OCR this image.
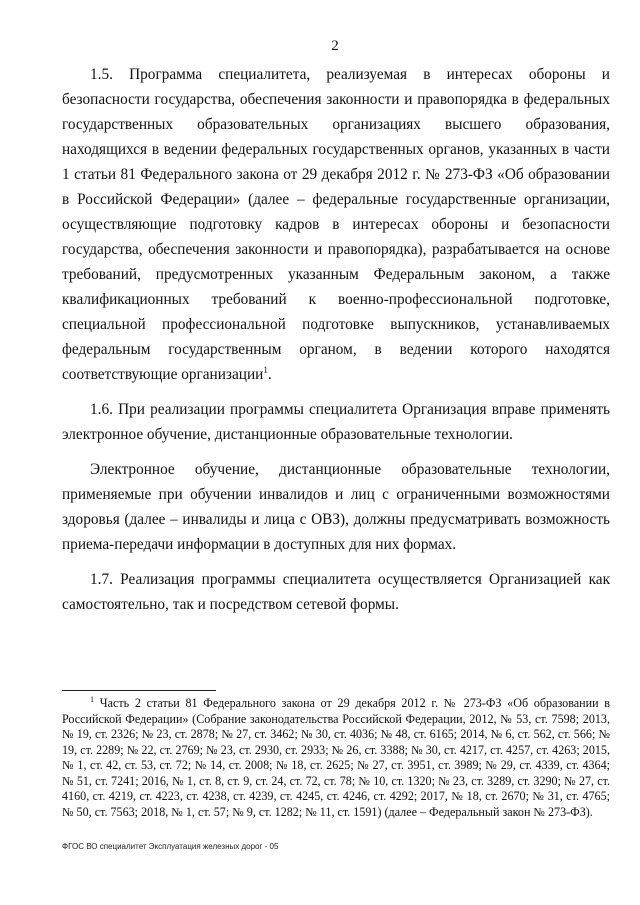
2

1.5. Программа специалитета, реализуемая в интересах обороны и безопасности государства, обеспечения законности и правопорядка в федеральных государственных образовательных организациях высшего образования, находящихся в ведении федеральных государственных органов, указанных в части 1 статьи 81 Федерального закона от 29 декабря 2012 г. № 273-ФЗ «Об образовании в Российской Федерации» (далее – федеральные государственные организации, осуществляющие подготовку кадров в интересах обороны и безопасности государства, обеспечения законности и правопорядка), разрабатывается на основе требований, предусмотренных указанным Федеральным законом, а также квалификационных требований к военно-профессиональной подготовке, специальной профессиональной подготовке выпускников, устанавливаемых федеральным государственным органом, в ведении которого находятся соответствующие организации$^1$.

1.6. При реализации программы специалитета Организация вправе применять электронное обучение, дистанционные образовательные технологии.

Электронное обучение, дистанционные образовательные технологии, применяемые при обучении инвалидов и лиц с ограниченными возможностями здоровья (далее – инвалиды и лица с ОВЗ), должны предусматривать возможность приема-передачи информации в доступных для них формах.

1.7. Реализация программы специалитета осуществляется Организацией как самостоятельно, так и посредством сетевой формы.

$^1$ Часть 2 статьи 81 Федерального закона от 29 декабря 2012 г. № 273-ФЗ «Об образовании в Российской Федерации» (Собрание законодательства Российской Федерации, 2012, № 53, ст. 7598; 2013, № 19, ст. 2326; № 23, ст. 2878; № 27, ст. 3462; № 30, ст. 4036; № 48, ст. 6165; 2014, № 6, ст. 562, ст. 566; № 19, ст. 2289; № 22, ст. 2769; № 23, ст. 2930, ст. 2933; № 26, ст. 3388; № 30, ст. 4217, ст. 4257, ст. 4263; 2015, № 1, ст. 42, ст. 53, ст. 72; № 14, ст. 2008; № 18, ст. 2625; № 27, ст. 3951, ст. 3989; № 29, ст. 4339, ст. 4364; № 51, ст. 7241; 2016, № 1, ст. 8, ст. 9, ст. 24, ст. 72, ст. 78; № 10, ст. 1320; № 23, ст. 3289, ст. 3290; № 27, ст. 4160, ст. 4219, ст. 4223, ст. 4238, ст. 4239, ст. 4245, ст. 4246, ст. 4292; 2017, № 18, ст. 2670; № 31, ст. 4765; № 50, ст. 7563; 2018, № 1, ст. 57; № 9, ст. 1282; № 11, ст. 1591) (далее – Федеральный закон № 273-ФЗ).
ФГОС ВО специалитет Эксплуатация железных дорог - 05
